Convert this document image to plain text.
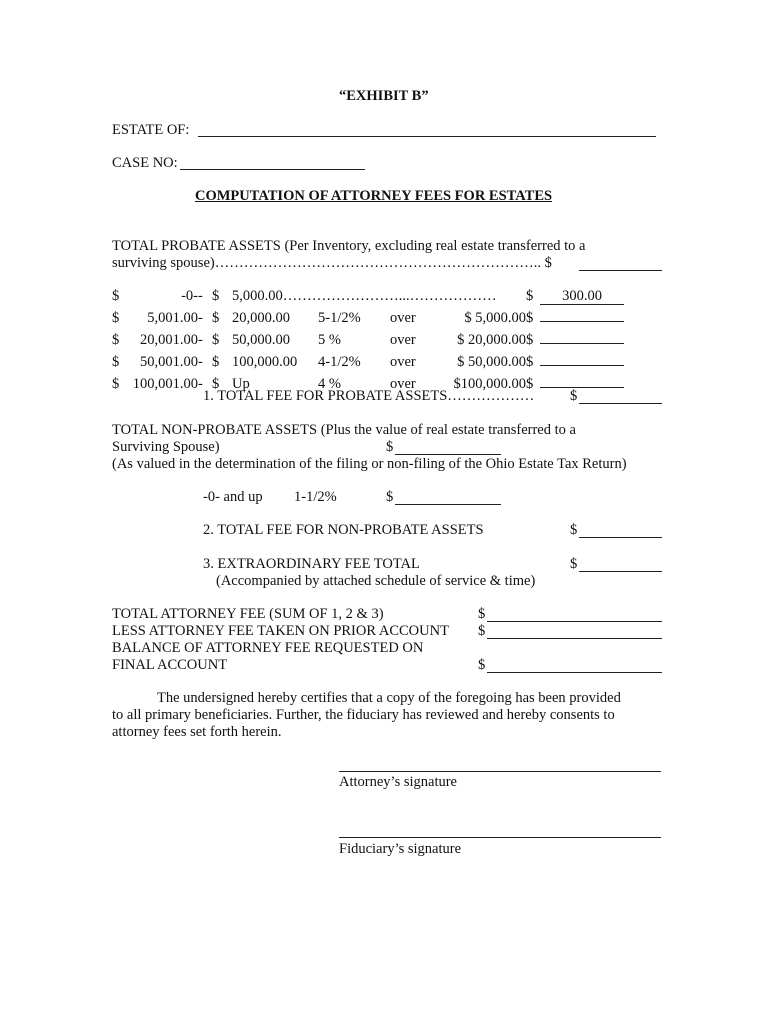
“EXHIBIT B”
ESTATE OF:
CASE NO:
COMPUTATION OF ATTORNEY FEES FOR ESTATES
TOTAL PROBATE ASSETS (Per Inventory, excluding real estate transferred to a
surviving spouse)………………………………………………………….. $
$	-0-	-	$	5,000.00……………………...………………				$	300.00
$	5,001.00	-	$	20,000.00	5-1/2%	over	$ 5,000.00	$	
$	20,001.00	-	$	50,000.00	5 %	over	$ 20,000.00	$	
$	50,001.00	-	$	100,000.00	4-1/2%	over	$ 50,000.00	$	
$	100,001.00	-	$	Up	4 %	over	$100,000.00	$	
1. TOTAL FEE FOR PROBATE ASSETS……………… $
TOTAL NON-PROBATE ASSETS (Plus the value of real estate transferred to a
Surviving Spouse)	$
(As valued in the determination of the filing or non-filing of the Ohio Estate Tax Return)
-0- and up 1-1/2%	$
2. TOTAL FEE FOR NON-PROBATE ASSETS	$
3. EXTRAORDINARY FEE TOTAL	$
(Accompanied by attached schedule of service & time)
TOTAL ATTORNEY FEE (SUM OF 1, 2 & 3)	$
LESS ATTORNEY FEE TAKEN ON PRIOR ACCOUNT $
BALANCE OF ATTORNEY FEE REQUESTED ON
FINAL ACCOUNT	$
The undersigned hereby certifies that a copy of the foregoing has been provided
to all primary beneficiaries. Further, the fiduciary has reviewed and hereby consents to
attorney fees set forth herein.
Attorney’s signature
Fiduciary’s signature
